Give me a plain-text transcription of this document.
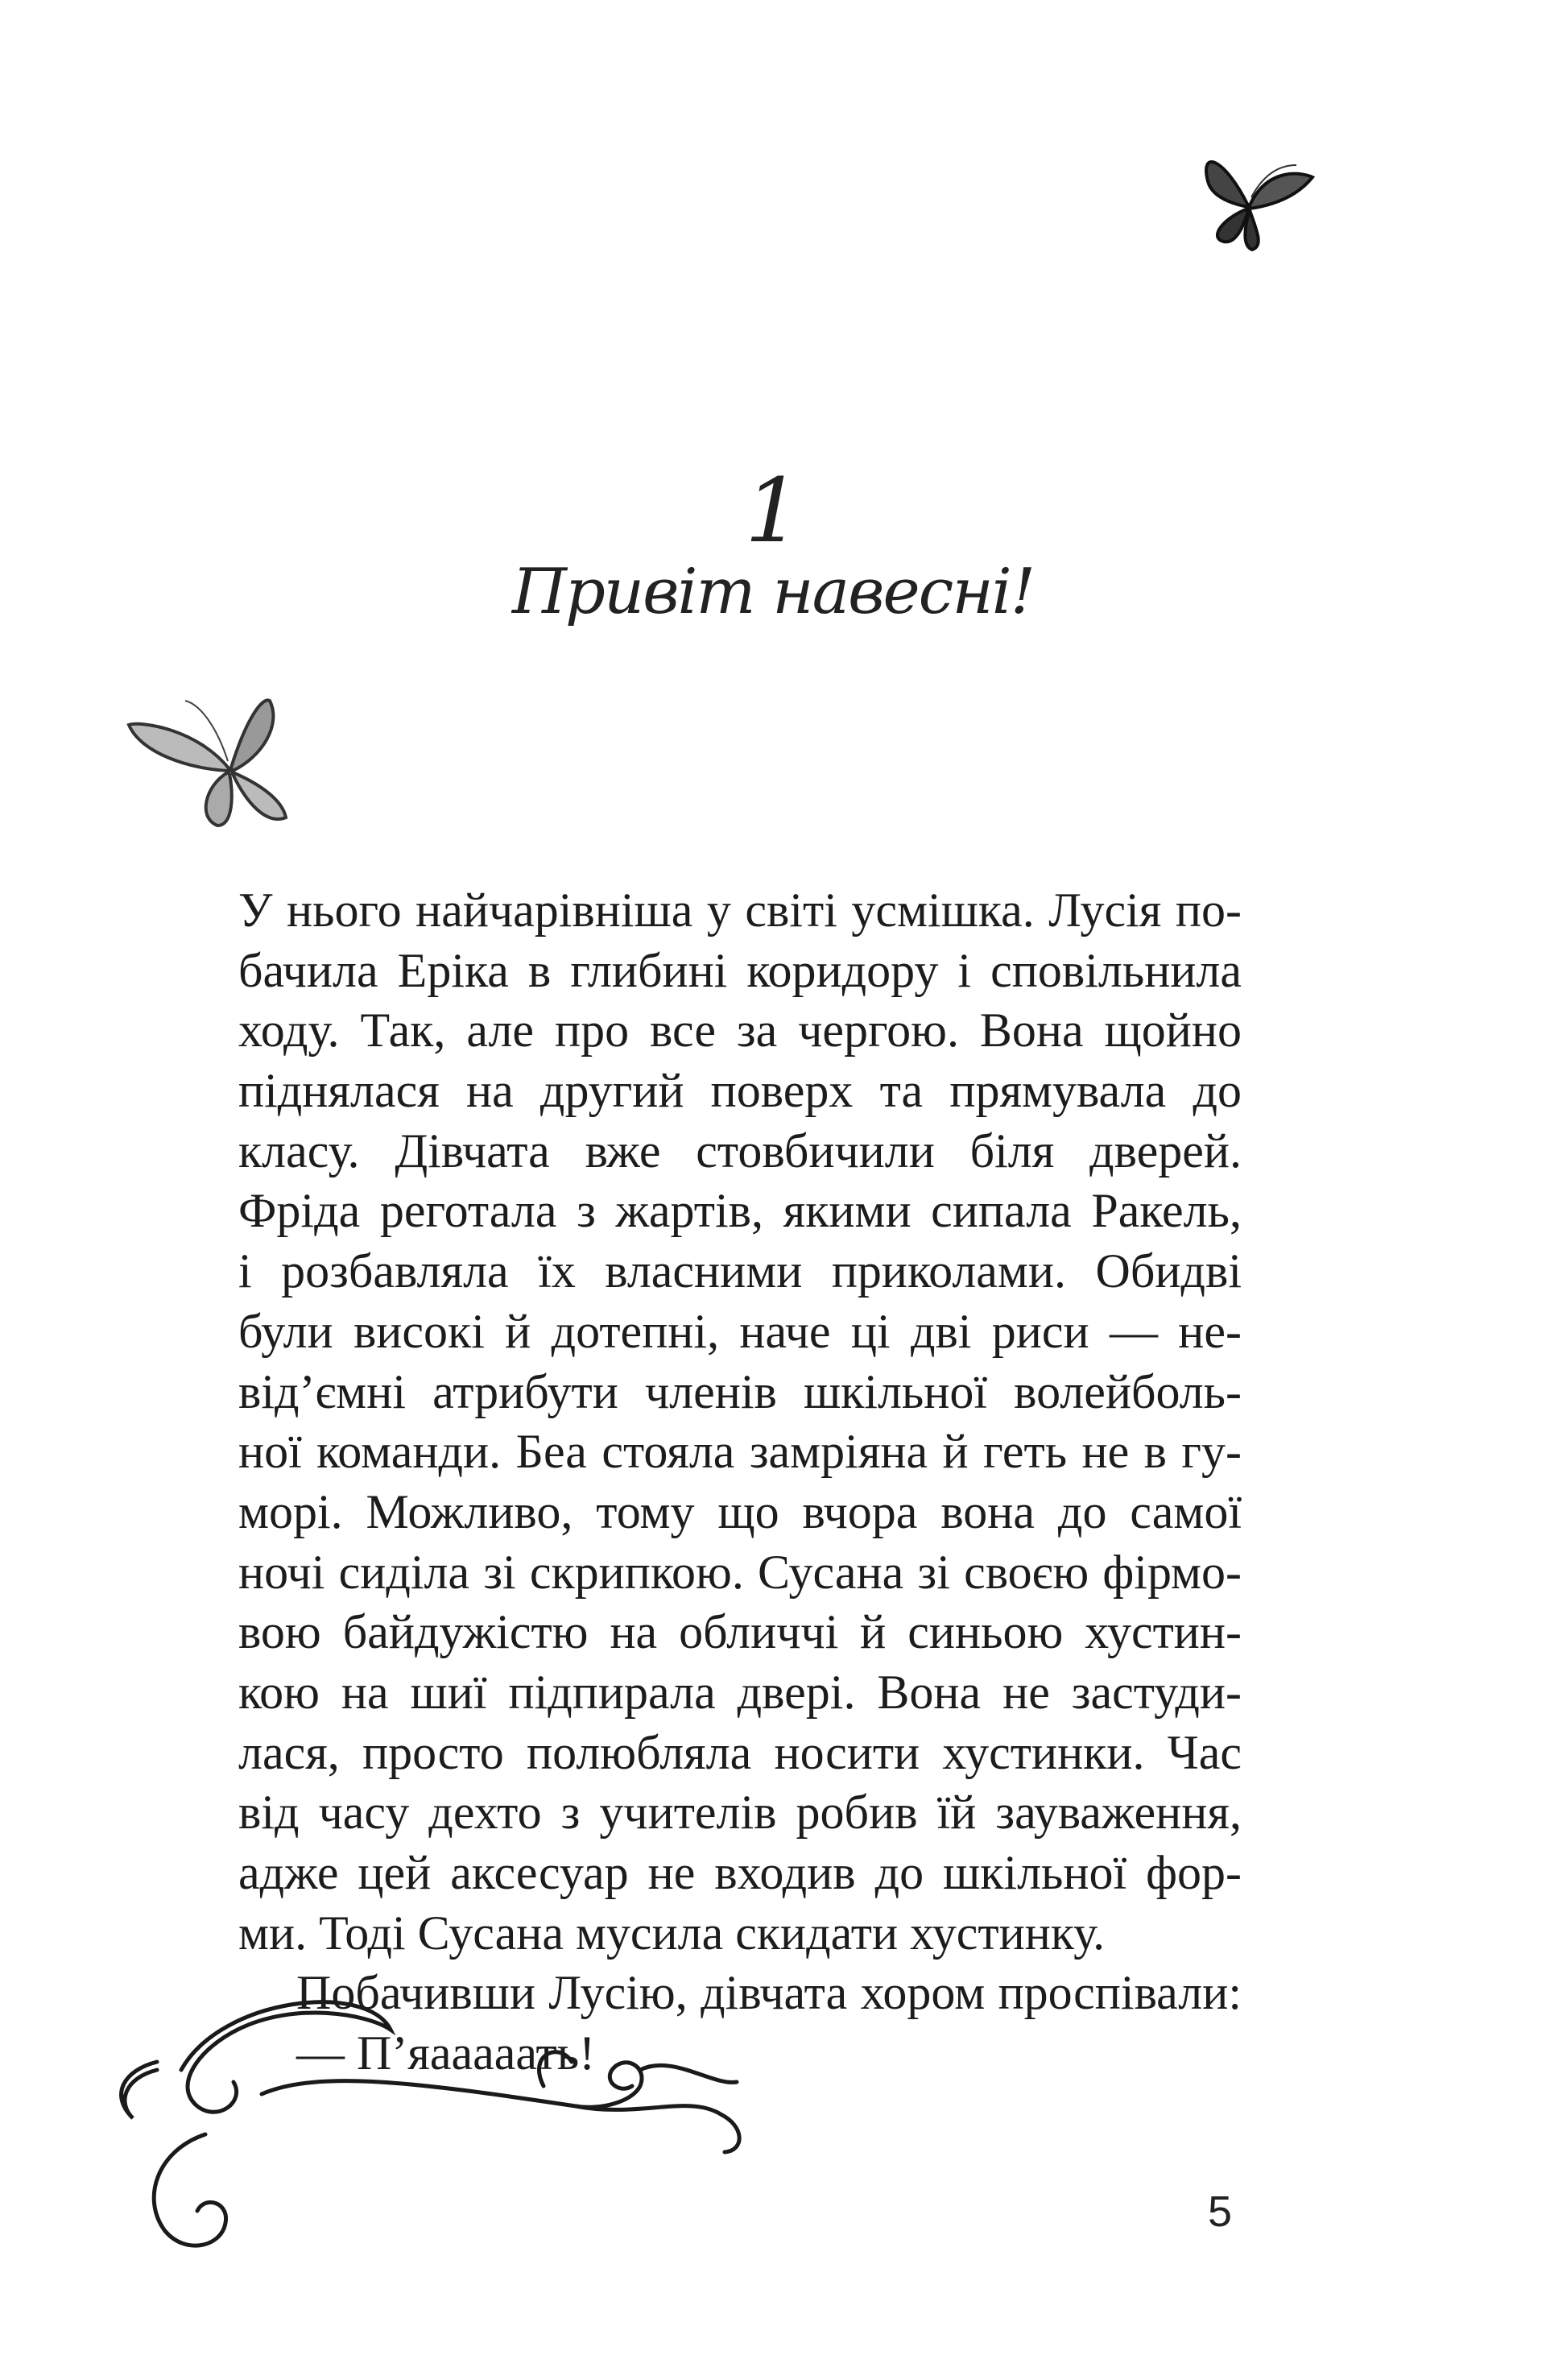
1
Привіт навесні!
У нього найчарівніша у світі усмішка. Лусія по-
бачила Еріка в глибині коридору і сповільнила
ходу. Так, але про все за чергою. Вона щойно
піднялася на другий поверх та прямувала до
класу. Дівчата вже стовбичили біля дверей.
Фріда реготала з жартів, якими сипала Ракель,
і розбавляла їх власними приколами. Обидві
були високі й дотепні, наче ці дві риси — не-
від’ємні атрибути членів шкільної волейболь-
ної команди. Беа стояла замріяна й геть не в гу-
морі. Можливо, тому що вчора вона до самої
ночі сиділа зі скрипкою. Сусана зі своєю фірмо-
вою байдужістю на обличчі й синьою хустин-
кою на шиї підпирала двері. Вона не застуди-
лася, просто полюбляла носити хустинки. Час
від часу дехто з учителів робив їй зауваження,
адже цей аксесуар не входив до шкільної фор-
ми. Тоді Сусана мусила скидати хустинку.
Побачивши Лусію, дівчата хором проспівали:
— П’яааааать!
5
